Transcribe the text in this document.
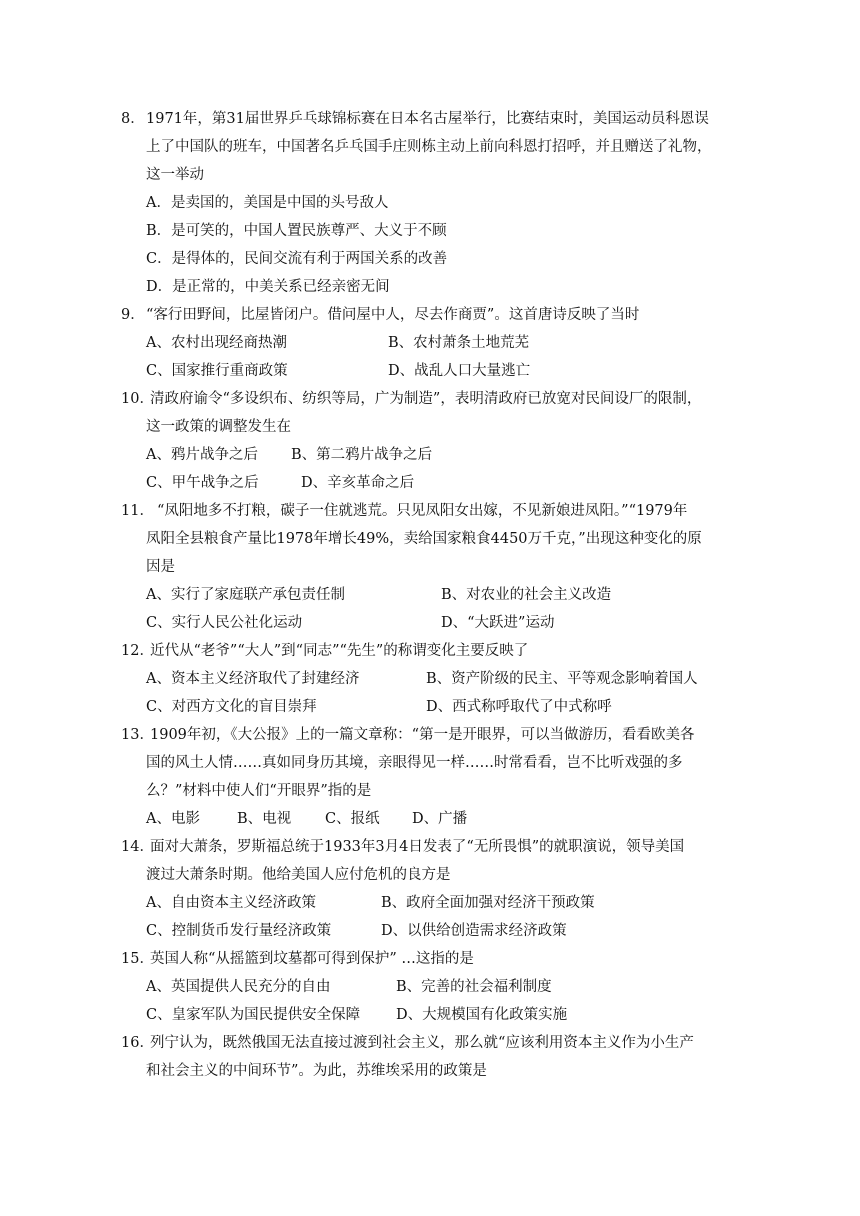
8． 1971年，第31届世界乒乓球锦标赛在日本名古屋举行，比赛结束时，美国运动员科恩误
上了中国队的班车，中国著名乒乓国手庄则栋主动上前向科恩打招呼，并且赠送了礼物，
这一举动
A．是卖国的，美国是中国的头号敌人
B．是可笑的，中国人置民族尊严、大义于不顾
C．是得体的，民间交流有利于两国关系的改善
D．是正常的，中美关系已经亲密无间
9． “客行田野间，比屋皆闭户。借问屋中人，尽去作商贾”。这首唐诗反映了当时
A、农村出现经商热潮	B、农村萧条土地荒芜
C、国家推行重商政策	D、战乱人口大量逃亡
10．
清政府谕令“多设织布、纺织等局，广为制造”，表明清政府已放宽对民间设厂的限制，
这一政策的调整发生在
A、鸦片战争之后 B、第二鸦片战争之后
C、甲午战争之后	D、辛亥革命之后
11． “凤阳地多不打粮，碳子一住就逃荒。只见凤阳女出嫁，不见新娘进凤阳。”“1979年
凤阳全县粮食产量比1978年增长49%，卖给国家粮食4450万千克，”出现这种变化的原
因是
A、实行了家庭联产承包责任制	B、对农业的社会主义改造
C、实行人民公社化运动	D、“大跃进”运动
12．
近代从“老爷”“大人”到“同志”“先生”的称谓变化主要反映了
A、资本主义经济取代了封建经济	B、资产阶级的民主、平等观念影响着国人
C、对西方文化的盲目崇拜	D、西式称呼取代了中式称呼
13．
1909年初，《大公报》上的一篇文章称：“第一是开眼界，可以当做游历，看看欧美各
国的风土人情……真如同身历其境，亲眼得见一样……时常看看，岂不比听戏强的多
么？”材料中使人们“开眼界”指的是
A、电影	B、电视 C、报纸 D、广播
14．
面对大萧条，罗斯福总统于1933年3月4日发表了“无所畏惧”的就职演说，领导美国
渡过大萧条时期。他给美国人应付危机的良方是
A、自由资本主义经济政策	B、政府全面加强对经济干预政策
C、控制货币发行量经济政策	D、以供给创造需求经济政策
15．
英国人称“从摇篮到坟墓都可得到保护” …这指的是
A、英国提供人民充分的自由	B、完善的社会福利制度
C、皇家军队为国民提供安全保障 D、大规模国有化政策实施
16．
列宁认为，既然俄国无法直接过渡到社会主义，那么就“应该利用资本主义作为小生产
和社会主义的中间环节”。为此，苏维埃采用的政策是
